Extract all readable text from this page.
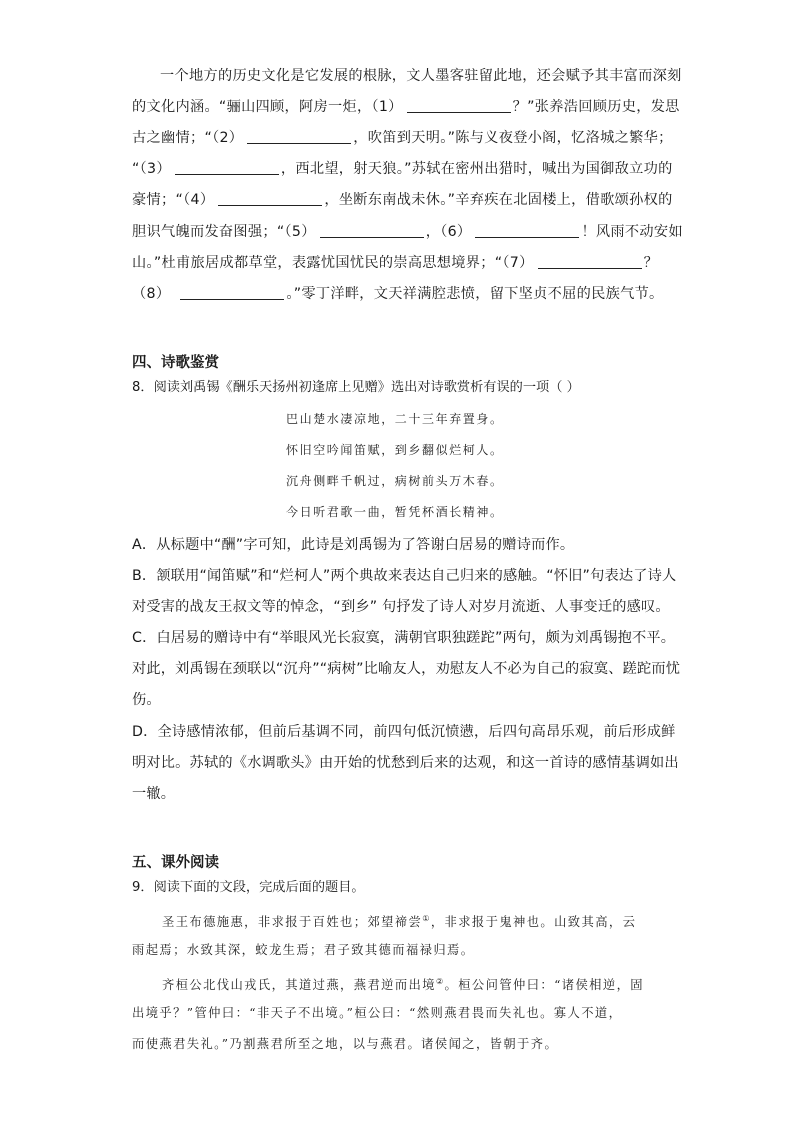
一个地方的历史文化是它发展的根脉，文人墨客驻留此地，还会赋予其丰富而深刻
的文化内涵。“骊山四顾，阿房一炬，（1）	？”张养浩回顾历史，发思
古之幽情；“（2）	，吹笛到天明。”陈与义夜登小阁，忆洛城之繁华；
“（3）	，西北望，射天狼。”苏轼在密州出猎时，喊出为国御敌立功的
豪情；“（4）	，坐断东南战未休。”辛弃疾在北固楼上，借歌颂孙权的
胆识气魄而发奋图强；“（5）	，（6）	！风雨不动安如
山。”杜甫旅居成都草堂，表露忧国忧民的崇高思想境界；“（7）	？
（8）	。”零丁洋畔，文天祥满腔悲愤，留下坚贞不屈的民族气节。
四、诗歌鉴赏
8．阅读刘禹锡《酬乐天扬州初逢席上见赠》选出对诗歌赏析有误的一项（ ）
巴山楚水凄凉地，二十三年弃置身。
怀旧空吟闻笛赋，到乡翻似烂柯人。
沉舟侧畔千帆过，病树前头万木春。
今日听君歌一曲，暂凭杯酒长精神。
A．从标题中“酬”字可知，此诗是刘禹锡为了答谢白居易的赠诗而作。
B．颔联用“闻笛赋”和“烂柯人”两个典故来表达自己归来的感触。“怀旧”句表达了诗人
对受害的战友王叔文等的悼念，“到乡” 句抒发了诗人对岁月流逝、人事变迁的感叹。
C．白居易的赠诗中有“举眼风光长寂寞，满朝官职独蹉跎”两句，颇为刘禹锡抱不平。
对此，刘禹锡在颈联以“沉舟”“病树”比喻友人，劝慰友人不必为自己的寂寞、蹉跎而忧
伤。
D．全诗感情浓郁，但前后基调不同，前四句低沉愤懑，后四句高昂乐观，前后形成鲜
明对比。苏轼的《水调歌头》由开始的忧愁到后来的达观，和这一首诗的感情基调如出
一辙。
五、课外阅读
9．阅读下面的文段，完成后面的题目。
圣王布德施惠，非求报于百姓也；郊望禘尝①，非求报于鬼神也。山致其高，云
雨起焉；水致其深，蛟龙生焉；君子致其德而福禄归焉。
齐桓公北伐山戎氏，其道过燕，燕君逆而出境②。桓公问管仲曰：“诸侯相逆，固
出境乎？”管仲曰：“非天子不出境。”桓公曰：“然则燕君畏而失礼也。寡人不道，
而使燕君失礼。”乃割燕君所至之地，以与燕君。诸侯闻之，皆朝于齐。
